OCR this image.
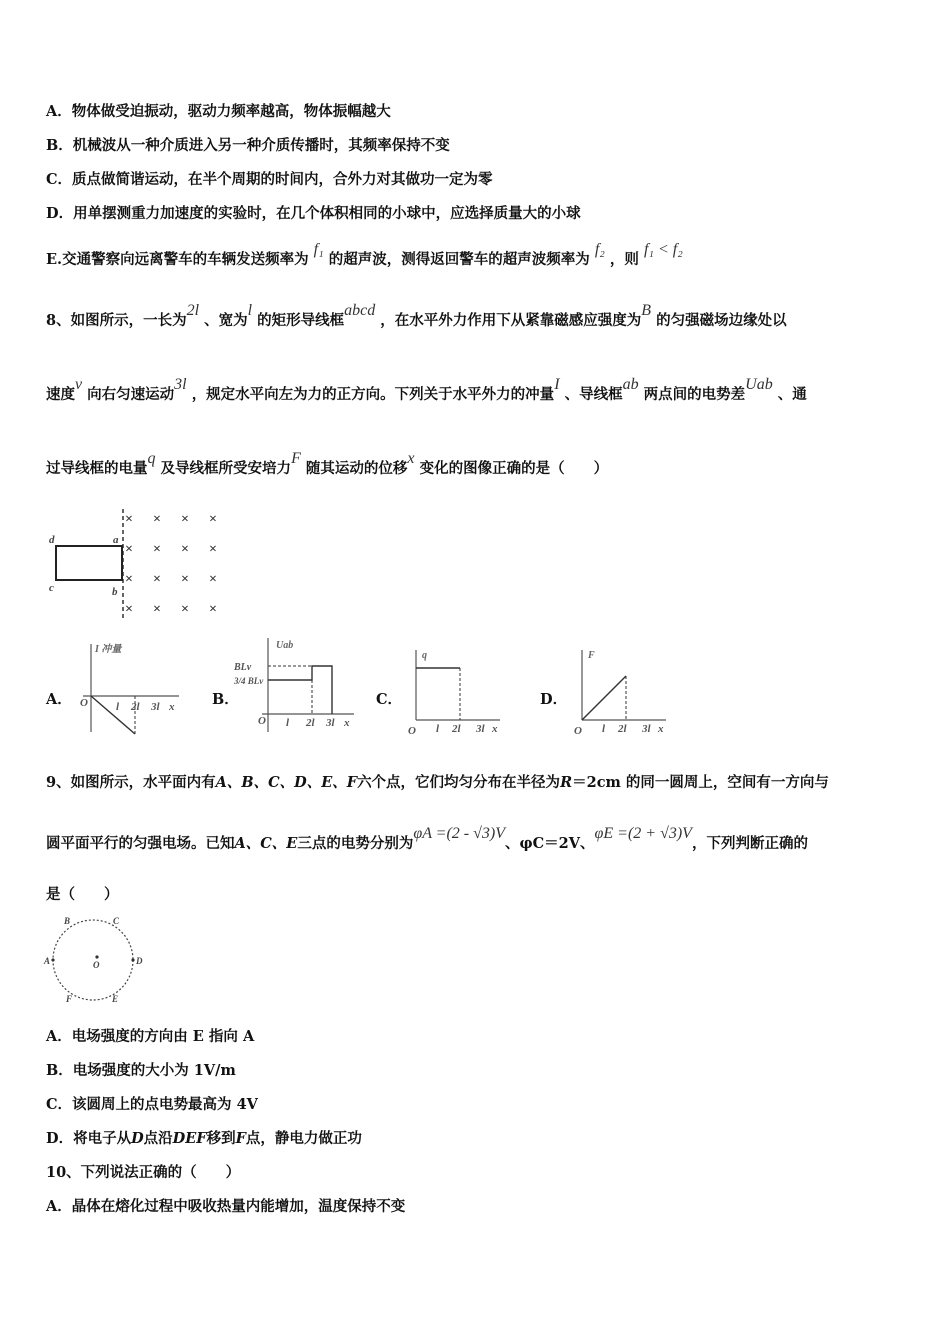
A．物体做受迫振动，驱动力频率越高，物体振幅越大
B．机械波从一种介质进入另一种介质传播时，其频率保持不变
C．质点做简谐运动，在半个周期的时间内，合外力对其做功一定为零
D．用单摆测重力加速度的实验时，在几个体积相同的小球中，应选择质量大的小球
E.交通警察向远离警车的车辆发送频率为 f₁ 的超声波，测得返回警车的超声波频率为 f₂ ，则 f₁ < f₂
8、如图所示，一长为2l 、宽为l 的矩形导线框abcd ，在水平外力作用下从紧靠磁感应强度为B 的匀强磁场边缘处以
速度v 向右匀速运动3l ，规定水平向左为力的正方向。下列关于水平外力的冲量I 、导线框ab 两点间的电势差Uab 、通
过导线框的电量q 及导线框所受安培力F 随其运动的位移x 变化的图像正确的是（　　）
d	a
c	b
× × × ×
× × × ×
× × × ×
× × × ×
A．
I 冲量
O	l 2l 3l x	B．
Uab
BLv
3/4 BLv
O l 2l 3l x
C．
q
O l 2l 3l x
D．
F
O l 2l 3l x
9、如图所示，水平面内有A、B、C、D、E、F六个点，它们均匀分布在半径为R＝2cm 的同一圆周上，空间有一方向与
圆平面平行的匀强电场。已知A、C、E三点的电势分别为φA =(2 - √3)V、φC＝2V、φE =(2 + √3)V，下列判断正确的
是（　　）
B	C
A	O	D
F	E
A．电场强度的方向由 E 指向 A
B．电场强度的大小为 1V/m
C．该圆周上的点电势最高为 4V
D．将电子从D点沿DEF移到F点，静电力做正功
10、下列说法正确的（　　）
A．晶体在熔化过程中吸收热量内能增加，温度保持不变
